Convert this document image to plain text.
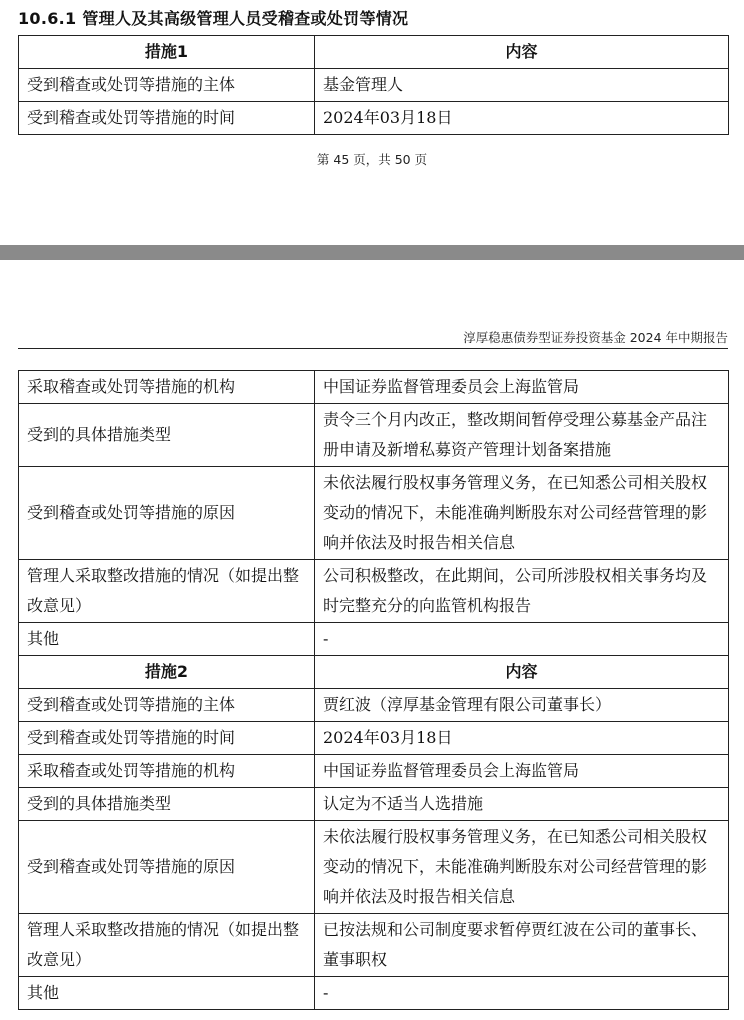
10.6.1 管理人及其高级管理人员受稽查或处罚等情况
措施1	内容
受到稽查或处罚等措施的主体	基金管理人
受到稽查或处罚等措施的时间	2024年03月18日
第 45 页，共 50 页
淳厚稳惠债券型证券投资基金 2024 年中期报告
采取稽查或处罚等措施的机构	中国证券监督管理委员会上海监管局
受到的具体措施类型	责令三个月内改正，整改期间暂停受理公募基金产品注册申请及新增私募资产管理计划备案措施
受到稽查或处罚等措施的原因	未依法履行股权事务管理义务，在已知悉公司相关股权变动的情况下，未能准确判断股东对公司经营管理的影响并依法及时报告相关信息
管理人采取整改措施的情况（如提出整改意见）	公司积极整改，在此期间，公司所涉股权相关事务均及时完整充分的向监管机构报告
其他	-
措施2	内容
受到稽查或处罚等措施的主体	贾红波（淳厚基金管理有限公司董事长）
受到稽查或处罚等措施的时间	2024年03月18日
采取稽查或处罚等措施的机构	中国证券监督管理委员会上海监管局
受到的具体措施类型	认定为不适当人选措施
受到稽查或处罚等措施的原因	未依法履行股权事务管理义务，在已知悉公司相关股权变动的情况下，未能准确判断股东对公司经营管理的影响并依法及时报告相关信息
管理人采取整改措施的情况（如提出整改意见）	已按法规和公司制度要求暂停贾红波在公司的董事长、董事职权
其他	-
